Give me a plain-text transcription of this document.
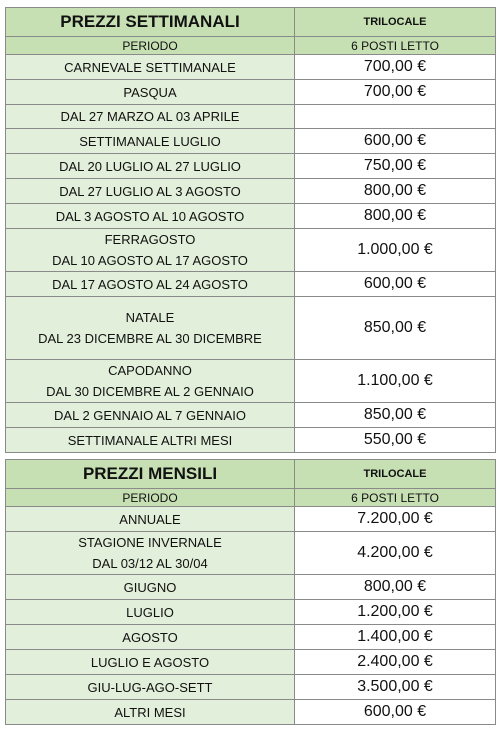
PREZZI SETTIMANALI	TRILOCALE
PERIODO	6 POSTI LETTO
CARNEVALE SETTIMANALE	700,00 €
PASQUA	700,00 €
DAL 27 MARZO AL 03 APRILE	
SETTIMANALE LUGLIO	600,00 €
DAL 20 LUGLIO AL 27 LUGLIO	750,00 €
DAL 27 LUGLIO AL 3 AGOSTO	800,00 €
DAL 3 AGOSTO AL 10 AGOSTO	800,00 €

FERRAGOSTO
DAL 10 AGOSTO AL 17 AGOSTO	1.000,00 €
DAL 17 AGOSTO AL 24 AGOSTO	600,00 €

NATALE
DAL 23 DICEMBRE AL 30 DICEMBRE	850,00 €

CAPODANNO
DAL 30 DICEMBRE AL 2 GENNAIO	1.100,00 €
DAL 2 GENNAIO AL 7 GENNAIO	850,00 €
SETTIMANALE ALTRI MESI	550,00 €
PREZZI MENSILI	TRILOCALE
PERIODO	6 POSTI LETTO
ANNUALE	7.200,00 €

STAGIONE INVERNALE
DAL 03/12 AL 30/04	4.200,00 €
GIUGNO	800,00 €
LUGLIO	1.200,00 €
AGOSTO	1.400,00 €
LUGLIO E AGOSTO	2.400,00 €
GIU-LUG-AGO-SETT	3.500,00 €
ALTRI MESI	600,00 €
